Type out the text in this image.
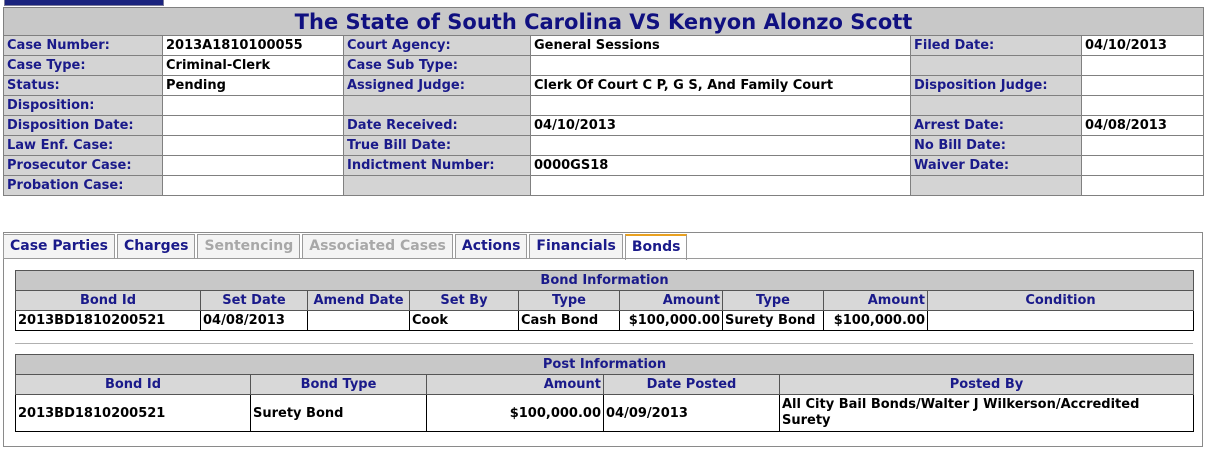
The State of South Carolina VS Kenyon Alonzo Scott					
Case Number:	2013A1810100055	Court Agency:	General Sessions	Filed Date:	04/10/2013
Case Type:	Criminal-Clerk	Case Sub Type:			
Status:	Pending	Assigned Judge:	Clerk Of Court C P, G S, And Family Court	Disposition Judge:	
Disposition:					
Disposition Date:		Date Received:	04/10/2013	Arrest Date:	04/08/2013
Law Enf. Case:		True Bill Date:		No Bill Date:	
Prosecutor Case:		Indictment Number:	0000GS18	Waiver Date:	
Probation Case:					
Case Parties	Charges	Sentencing	Associated Cases	Actions	Financials	Bonds
Bond Information								
Bond Id	Set Date	Amend Date	Set By	Type	Amount	Type	Amount	Condition
2013BD1810200521	04/08/2013		Cook	Cash Bond	$100,000.00	Surety Bond	$100,000.00	
Post Information				
Bond Id	Bond Type	Amount	Date Posted	Posted By
2013BD1810200521	Surety Bond	$100,000.00	04/09/2013	All City Bail Bonds/Walter J Wilkerson/Accredited Surety
